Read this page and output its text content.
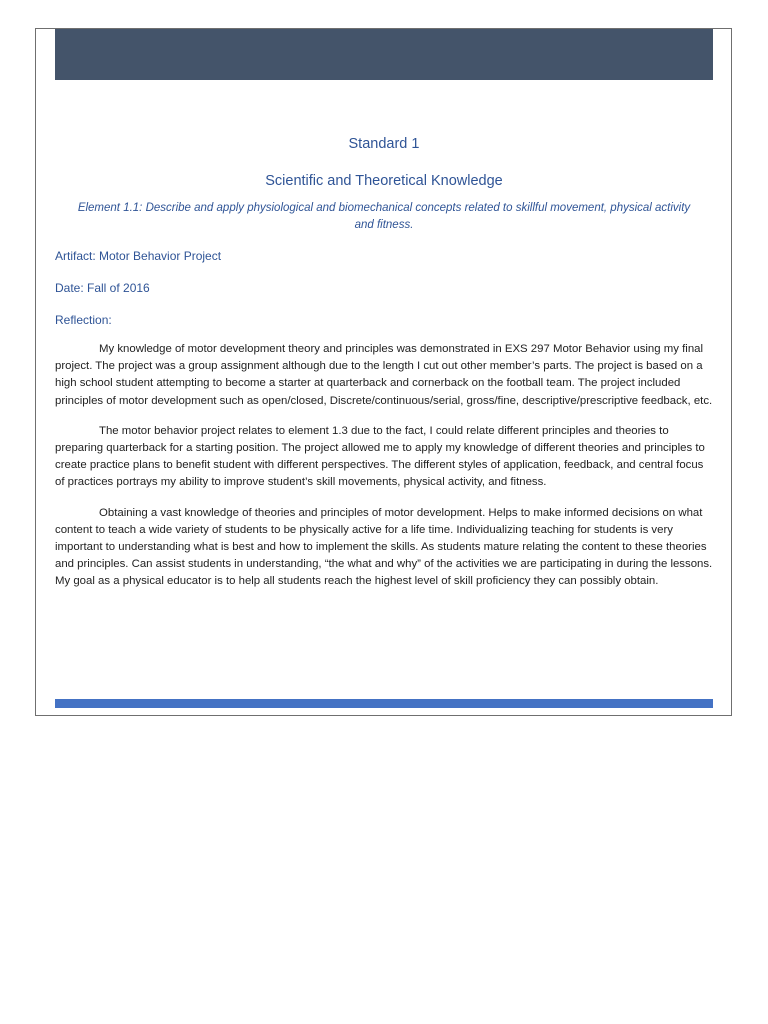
Standard 1

Scientific and Theoretical Knowledge

Element 1.1: Describe and apply physiological and biomechanical concepts related to skillful movement, physical activity and fitness.

Artifact: Motor Behavior Project

Date: Fall of 2016

Reflection:

My knowledge of motor development theory and principles was demonstrated in EXS 297 Motor Behavior using my final project. The project was a group assignment although due to the length I cut out other member’s parts. The project is based on a high school student attempting to become a starter at quarterback and cornerback on the football team. The project included principles of motor development such as open/closed, Discrete/continuous/serial, gross/fine, descriptive/prescriptive feedback, etc.

The motor behavior project relates to element 1.3 due to the fact, I could relate different principles and theories to preparing quarterback for a starting position. The project allowed me to apply my knowledge of different theories and principles to create practice plans to benefit student with different perspectives. The different styles of application, feedback, and central focus of practices portrays my ability to improve student’s skill movements, physical activity, and fitness.

Obtaining a vast knowledge of theories and principles of motor development. Helps to make informed decisions on what content to teach a wide variety of students to be physically active for a life time. Individualizing teaching for students is very important to understanding what is best and how to implement the skills. As students mature relating the content to these theories and principles. Can assist students in understanding, “the what and why” of the activities we are participating in during the lessons. My goal as a physical educator is to help all students reach the highest level of skill proficiency they can possibly obtain.
